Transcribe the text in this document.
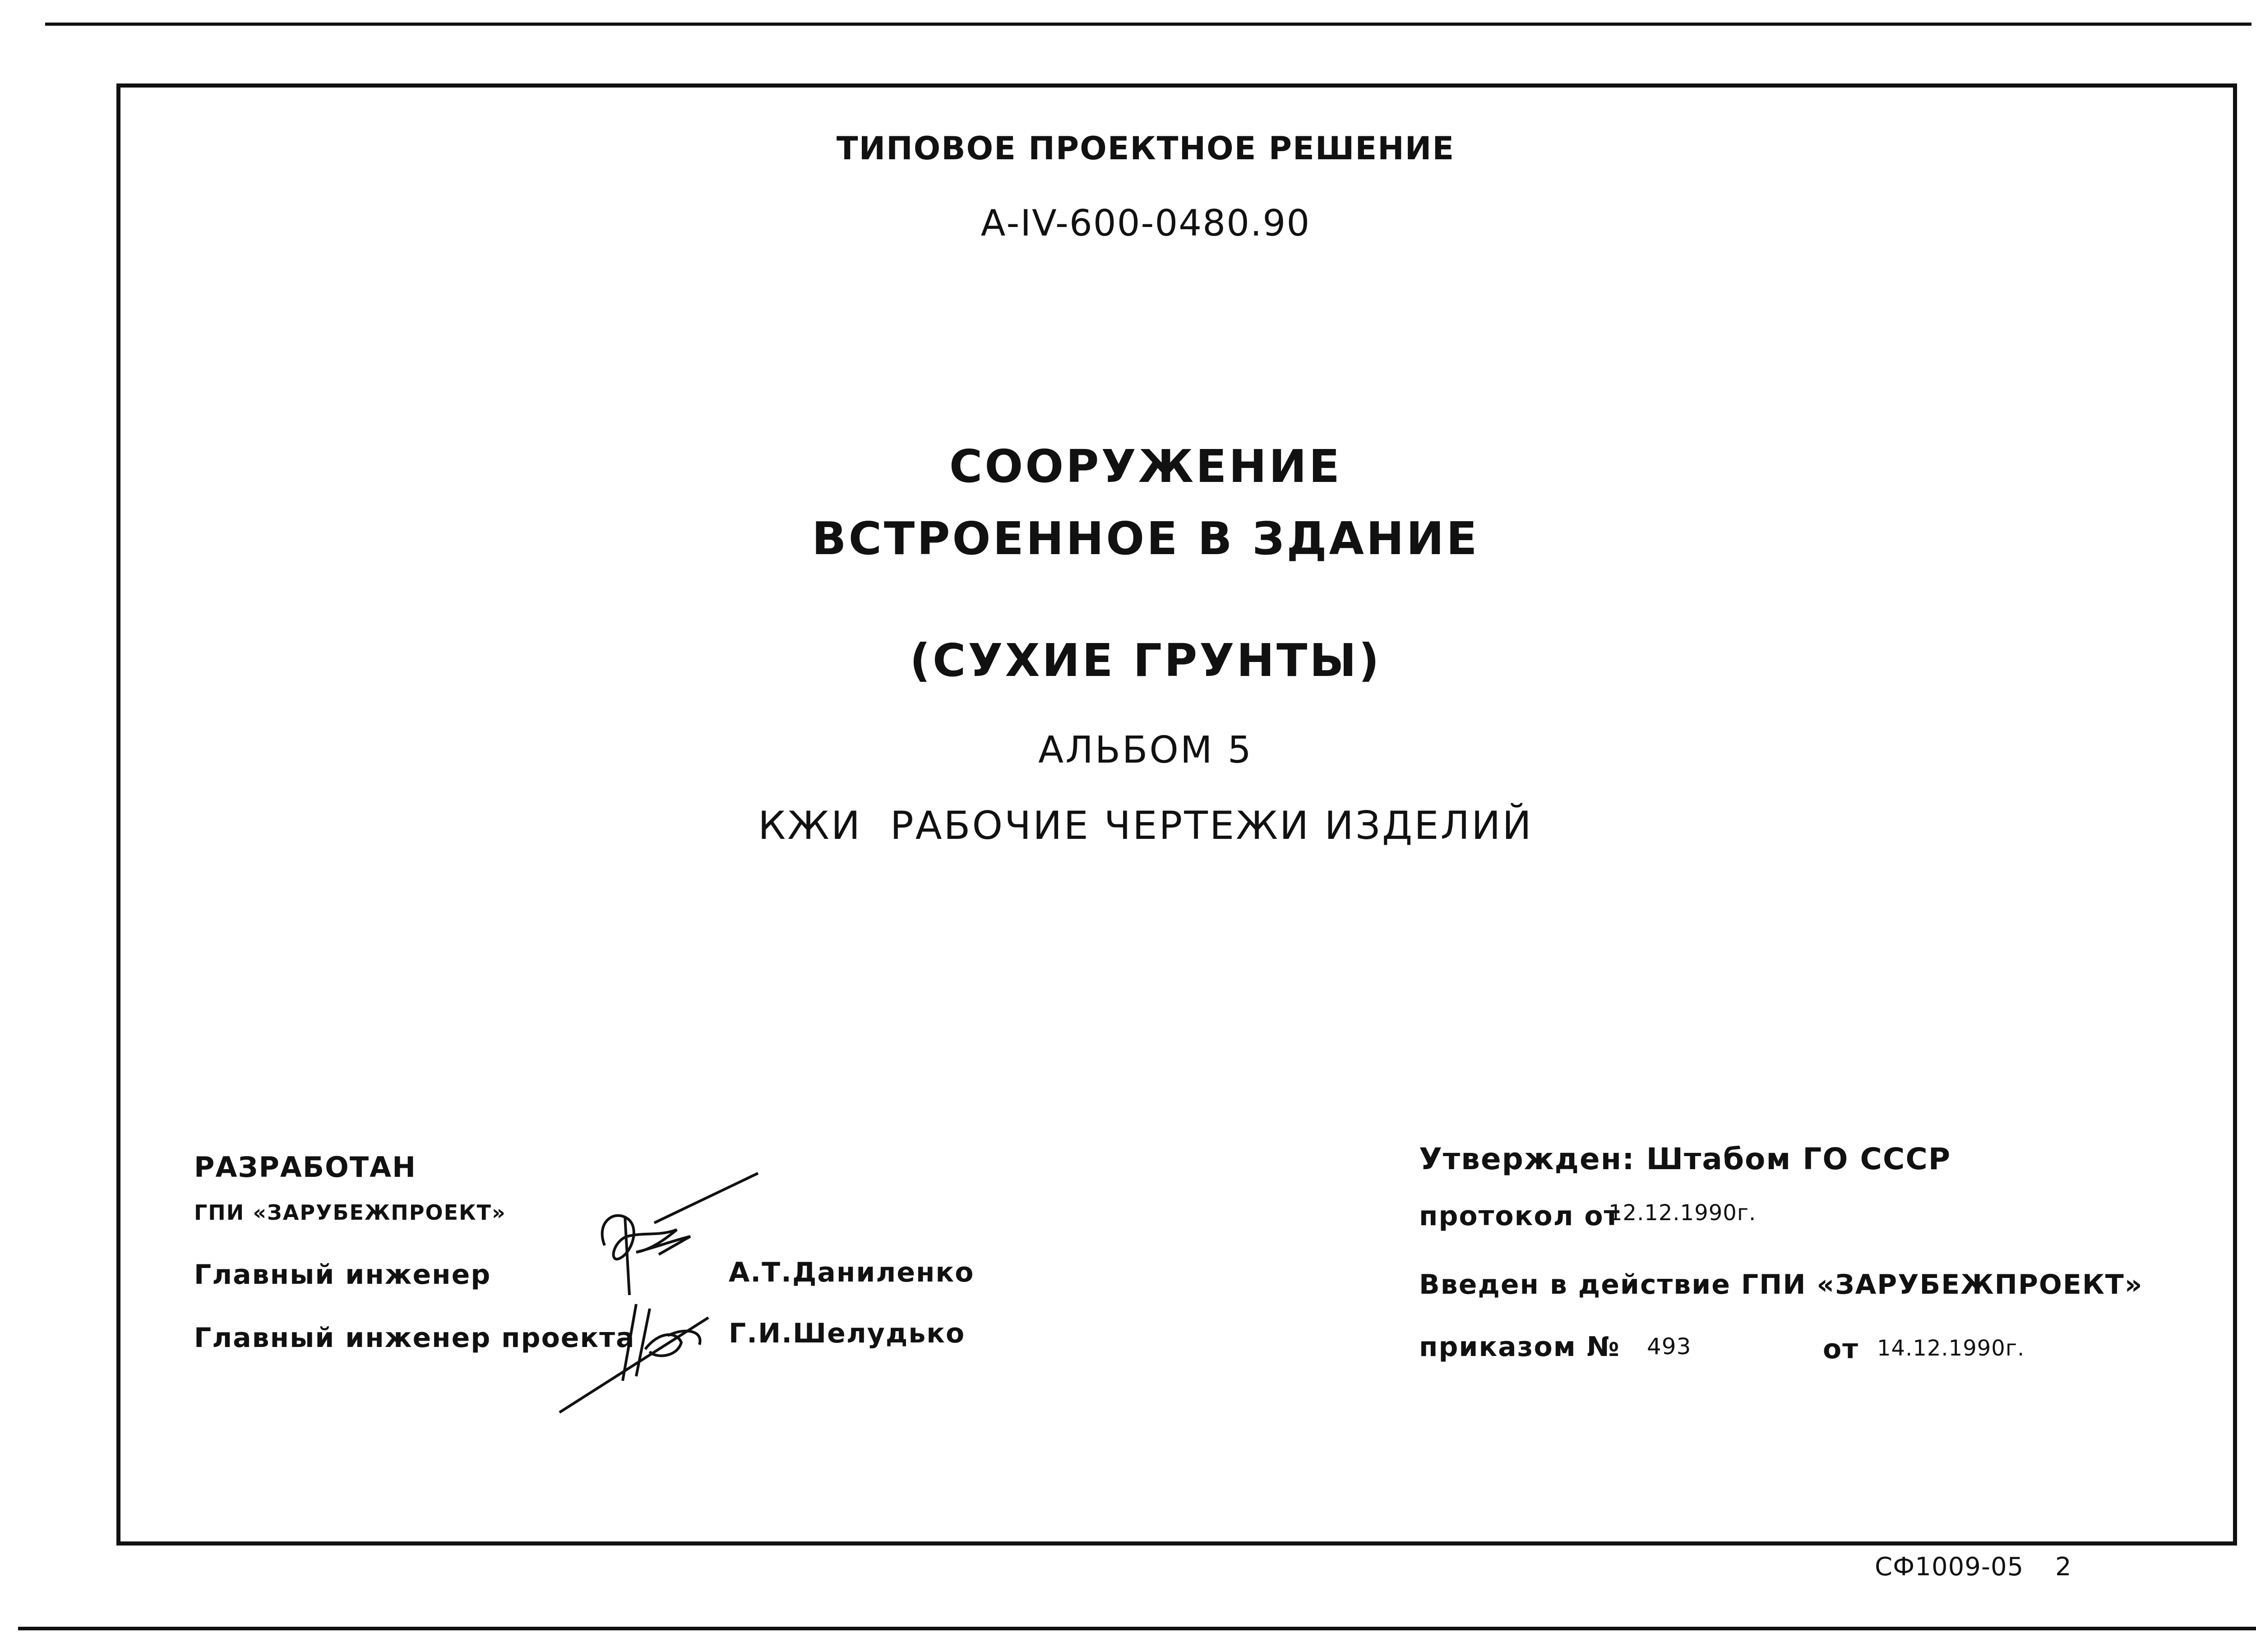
ТИПОВОЕ ПРОЕКТНОЕ РЕШЕНИЕ
А-IV-600-0480.90
СООРУЖЕНИЕ
ВСТРОЕННОЕ В ЗДАНИЕ
(СУХИЕ ГРУНТЫ)
АЛЬБОМ 5
КЖИ  РАБОЧИЕ ЧЕРТЕЖИ ИЗДЕЛИЙ
РАЗРАБОТАН
ГПИ «ЗАРУБЕЖПРОЕКТ»
Главный инженер	А.Т.Даниленко
Главный инженер проекта	Г.И.Шелудько
Утвержден: Штабом ГО СССР
протокол от
12.12.1990г.
Введен в действие ГПИ «ЗАРУБЕЖПРОЕКТ»
приказом № 493	от 14.12.1990г.
СФ1009-05 2
